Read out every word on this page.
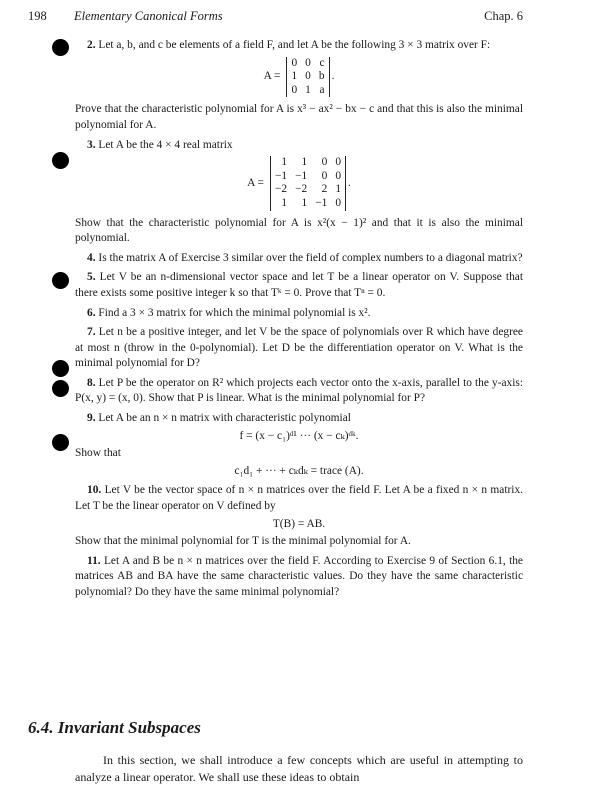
198 Elementary Canonical Forms	Chap. 6

2. Let a, b, and c be elements of a field F, and let A be the following 3 × 3 matrix over F:

A =
0	0	c
1	0	b
0	1	a
.

Prove that the characteristic polynomial for A is x³ − ax² − bx − c and that this is also the minimal polynomial for A.

3. Let A be the 4 × 4 real matrix

A =
1	1	0	0
−1	−1	0	0
−2	−2	2	1
1	1	−1	0
.

Show that the characteristic polynomial for A is x²(x − 1)² and that it is also the minimal polynomial.

4. Is the matrix A of Exercise 3 similar over the field of complex numbers to a diagonal matrix?

5. Let V be an n-dimensional vector space and let T be a linear operator on V. Suppose that there exists some positive integer k so that Tᵏ = 0. Prove that Tⁿ = 0.

6. Find a 3 × 3 matrix for which the minimal polynomial is x².

7. Let n be a positive integer, and let V be the space of polynomials over R which have degree at most n (throw in the 0-polynomial). Let D be the differentiation operator on V. What is the minimal polynomial for D?

8. Let P be the operator on R² which projects each vector onto the x-axis, parallel to the y-axis: P(x, y) = (x, 0). Show that P is linear. What is the minimal polynomial for P?

9. Let A be an n × n matrix with characteristic polynomial

f = (x − c₁)ᵈ¹ ··· (x − cₖ)ᵈᵏ.

Show that

c₁d₁ + ··· + cₖdₖ = trace (A).

10. Let V be the vector space of n × n matrices over the field F. Let A be a fixed n × n matrix. Let T be the linear operator on V defined by

T(B) = AB.

Show that the minimal polynomial for T is the minimal polynomial for A.

11. Let A and B be n × n matrices over the field F. According to Exercise 9 of Section 6.1, the matrices AB and BA have the same characteristic values. Do they have the same characteristic polynomial? Do they have the same minimal polynomial?

6.4. Invariant Subspaces

In this section, we shall introduce a few concepts which are useful in attempting to analyze a linear operator. We shall use these ideas to obtain
